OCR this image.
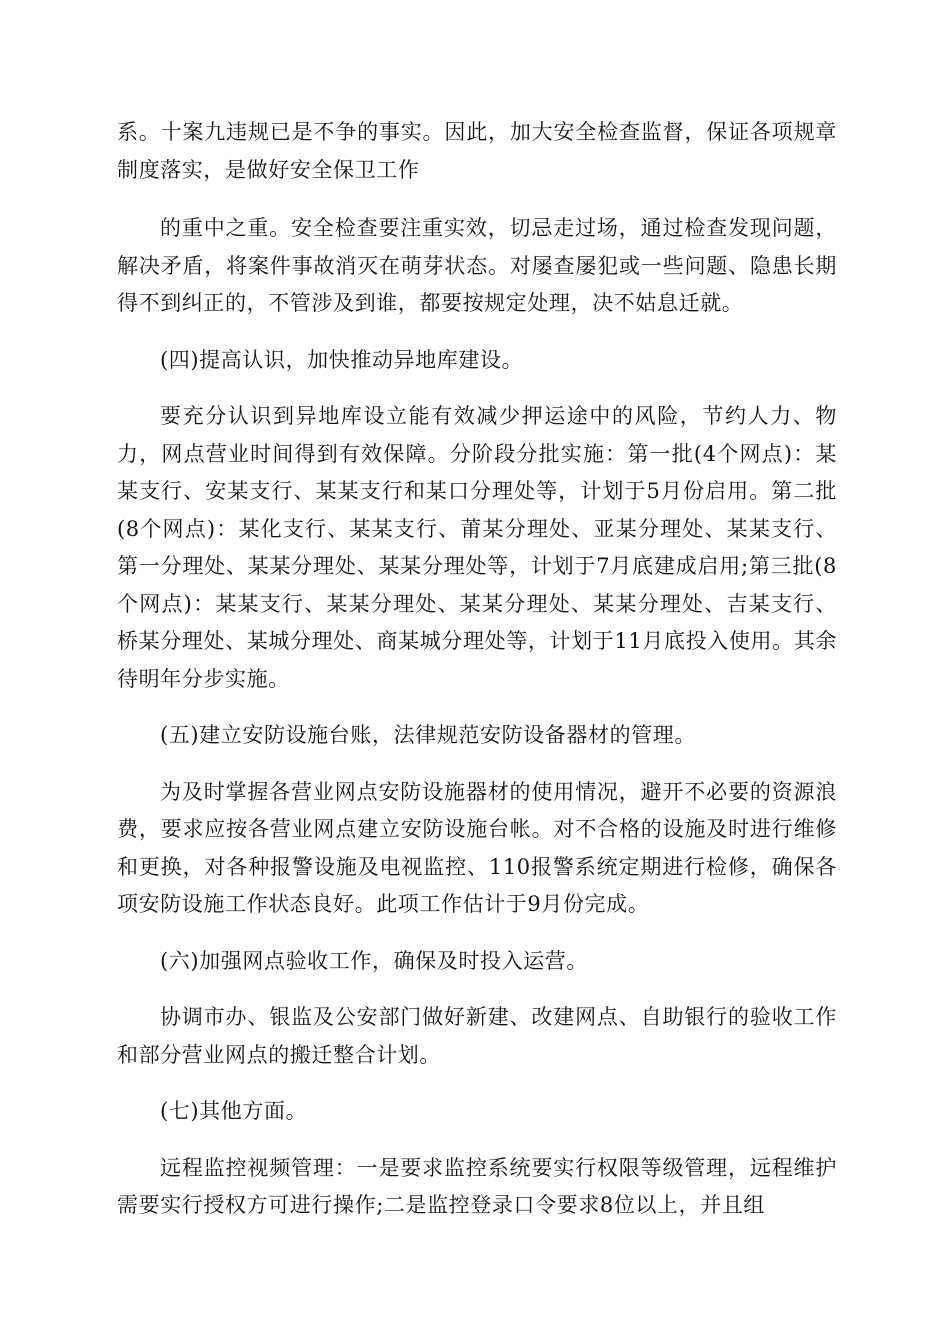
系。十案九违规已是不争的事实。因此，加大安全检查监督，保证各项规章制度落实，是做好安全保卫工作

的重中之重。安全检查要注重实效，切忌走过场，通过检查发现问题，解决矛盾，将案件事故消灭在萌芽状态。对屡查屡犯或一些问题、隐患长期得不到纠正的，不管涉及到谁，都要按规定处理，决不姑息迁就。

(四)提高认识，加快推动异地库建设。

要充分认识到异地库设立能有效减少押运途中的风险，节约人力、物力，网点营业时间得到有效保障。分阶段分批实施：第一批(4个网点)：某某支行、安某支行、某某支行和某口分理处等，计划于5月份启用。第二批(8个网点)：某化支行、某某支行、莆某分理处、亚某分理处、某某支行、第一分理处、某某分理处、某某分理处等，计划于7月底建成启用;第三批(8个网点)：某某支行、某某分理处、某某分理处、某某分理处、吉某支行、桥某分理处、某城分理处、商某城分理处等，计划于11月底投入使用。其余待明年分步实施。

(五)建立安防设施台账，法律规范安防设备器材的管理。

为及时掌握各营业网点安防设施器材的使用情况，避开不必要的资源浪费，要求应按各营业网点建立安防设施台帐。对不合格的设施及时进行维修和更换，对各种报警设施及电视监控、110报警系统定期进行检修，确保各项安防设施工作状态良好。此项工作估计于9月份完成。

(六)加强网点验收工作，确保及时投入运营。

协调市办、银监及公安部门做好新建、改建网点、自助银行的验收工作和部分营业网点的搬迁整合计划。

(七)其他方面。

远程监控视频管理：一是要求监控系统要实行权限等级管理，远程维护需要实行授权方可进行操作;二是监控登录口令要求8位以上，并且组
